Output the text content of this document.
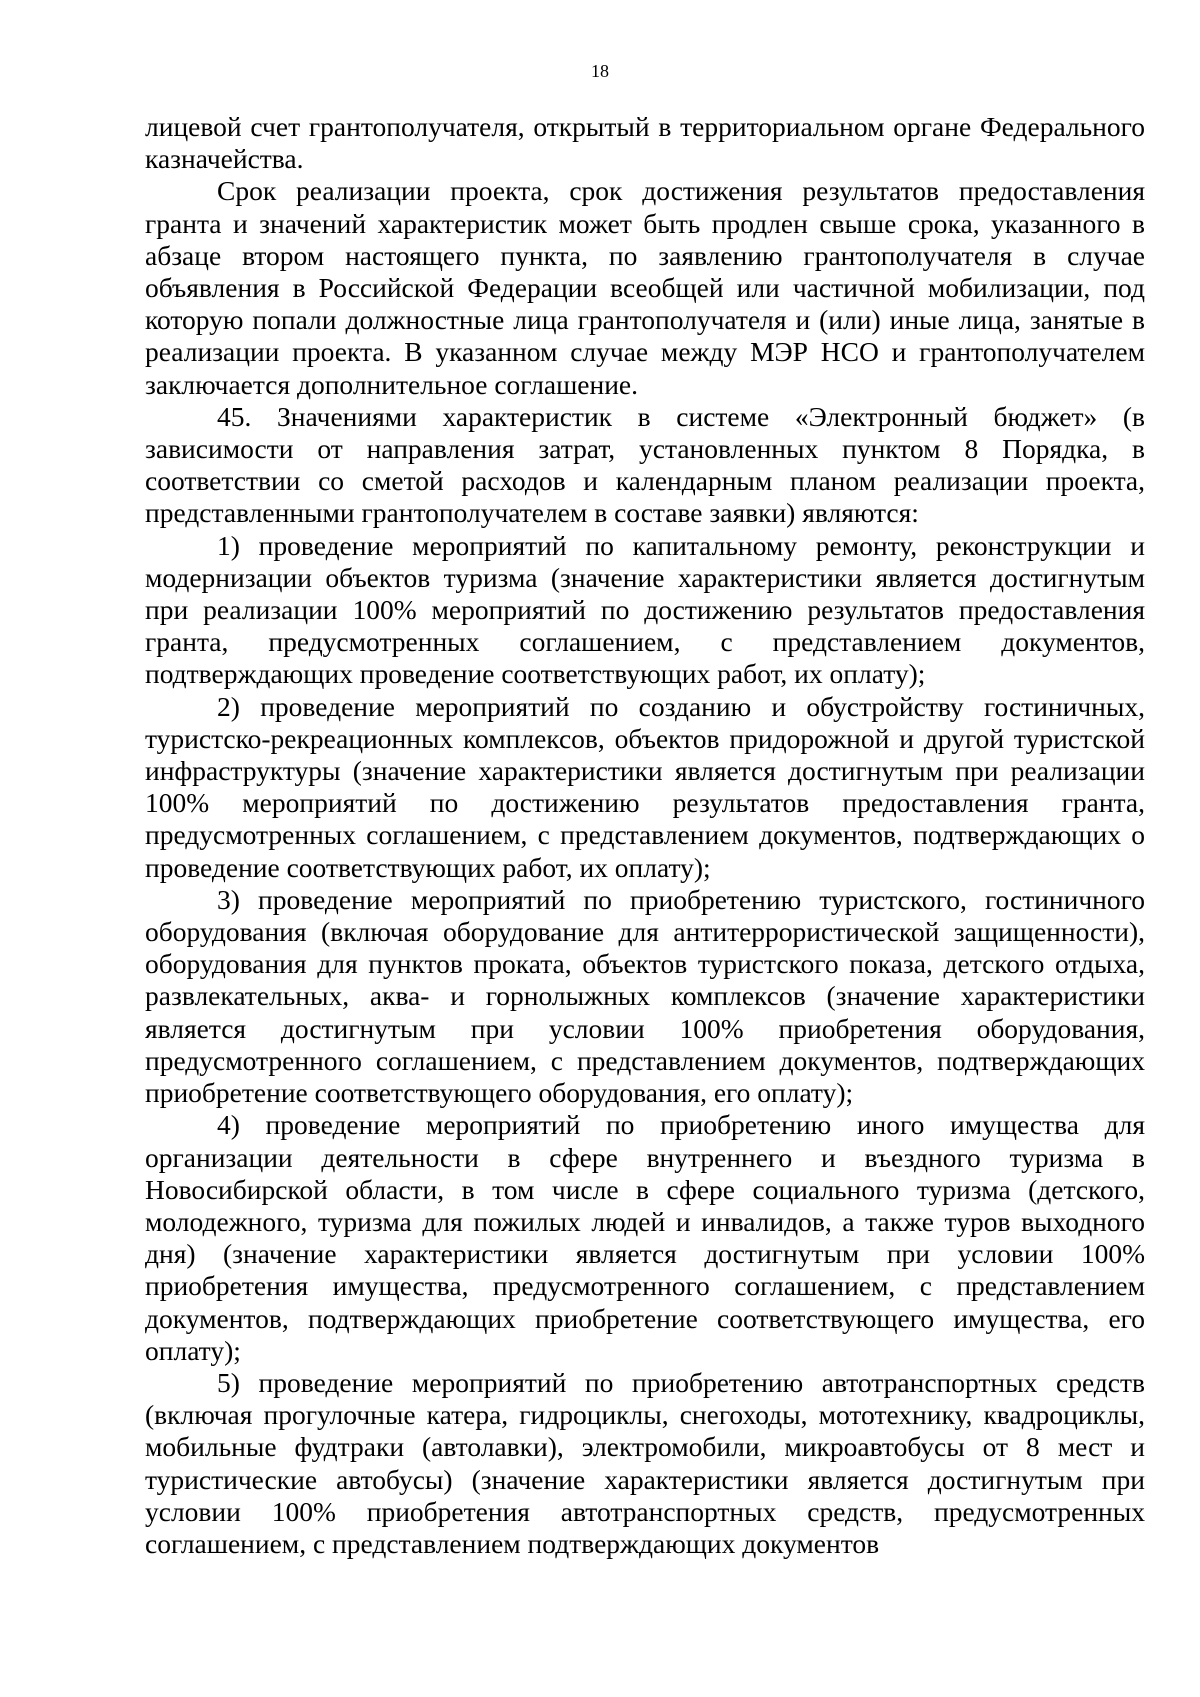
18

лицевой счет грантополучателя, открытый в территориальном органе Федерального казначейства.

Срок реализации проекта, срок достижения результатов предоставления гранта и значений характеристик может быть продлен свыше срока, указанного в абзаце втором настоящего пункта, по заявлению грантополучателя в случае объявления в Российской Федерации всеобщей или частичной мобилизации, под которую попали должностные лица грантополучателя и (или) иные лица, занятые в реализации проекта. В указанном случае между МЭР НСО и грантополучателем заключается дополнительное соглашение.

45. Значениями характеристик в системе «Электронный бюджет» (в зависимости от направления затрат, установленных пунктом 8 Порядка, в соответствии со сметой расходов и календарным планом реализации проекта, представленными грантополучателем в составе заявки) являются:

1) проведение мероприятий по капитальному ремонту, реконструкции и модернизации объектов туризма (значение характеристики является достигнутым при реализации 100% мероприятий по достижению результатов предоставления гранта, предусмотренных соглашением, с представлением документов, подтверждающих проведение соответствующих работ, их оплату);

2) проведение мероприятий по созданию и обустройству гостиничных, туристско-рекреационных комплексов, объектов придорожной и другой туристской инфраструктуры (значение характеристики является достигнутым при реализации 100% мероприятий по достижению результатов предоставления гранта, предусмотренных соглашением, с представлением документов, подтверждающих о проведение соответствующих работ, их оплату);

3) проведение мероприятий по приобретению туристского, гостиничного оборудования (включая оборудование для антитеррористической защищенности), оборудования для пунктов проката, объектов туристского показа, детского отдыха, развлекательных, аква- и горнолыжных комплексов (значение характеристики является достигнутым при условии 100% приобретения оборудования, предусмотренного соглашением, с представлением документов, подтверждающих приобретение соответствующего оборудования, его оплату);

4) проведение мероприятий по приобретению иного имущества для организации деятельности в сфере внутреннего и въездного туризма в Новосибирской области, в том числе в сфере социального туризма (детского, молодежного, туризма для пожилых людей и инвалидов, а также туров выходного дня) (значение характеристики является достигнутым при условии 100% приобретения имущества, предусмотренного соглашением, с представлением документов, подтверждающих приобретение соответствующего имущества, его оплату);

5) проведение мероприятий по приобретению автотранспортных средств (включая прогулочные катера, гидроциклы, снегоходы, мототехнику, квадроциклы, мобильные фудтраки (автолавки), электромобили, микроавтобусы от 8 мест и туристические автобусы) (значение характеристики является достигнутым при условии 100% приобретения автотранспортных средств, предусмотренных соглашением, с представлением подтверждающих документов
